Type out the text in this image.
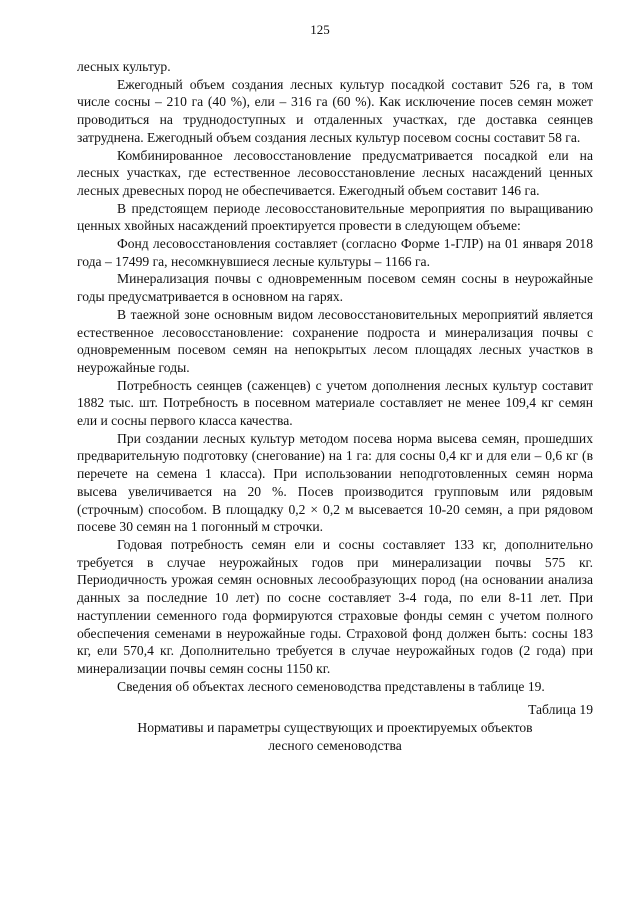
125

лесных культур.

Ежегодный объем создания лесных культур посадкой составит 526 га, в том числе сосны – 210 га (40 %), ели – 316 га (60 %). Как исключение посев семян может проводиться на труднодоступных и отдаленных участках, где доставка сеянцев затруднена. Ежегодный объем создания лесных культур посевом сосны составит 58 га.

Комбинированное лесовосстановление предусматривается посадкой ели на лесных участках, где естественное лесовосстановление лесных насаждений ценных лесных древесных пород не обеспечивается. Ежегодный объем составит 146 га.

В предстоящем периоде лесовосстановительные мероприятия по выращиванию ценных хвойных насаждений проектируется провести в следующем объеме:

Фонд лесовосстановления составляет (согласно Форме 1-ГЛР) на 01 января 2018 года – 17499 га, несомкнувшиеся лесные культуры – 1166 га.

Минерализация почвы с одновременным посевом семян сосны в неурожайные годы предусматривается в основном на гарях.

В таежной зоне основным видом лесовосстановительных мероприятий является естественное лесовосстановление: сохранение подроста и минерализация почвы с одновременным посевом семян на непокрытых лесом площадях лесных участков в неурожайные годы.

Потребность сеянцев (саженцев) с учетом дополнения лесных культур составит 1882 тыс. шт. Потребность в посевном материале составляет не менее 109,4 кг семян ели и сосны первого класса качества.

При создании лесных культур методом посева норма высева семян, прошедших предварительную подготовку (снегование) на 1 га: для сосны 0,4 кг и для ели – 0,6 кг (в перечете на семена 1 класса). При использовании неподготовленных семян норма высева увеличивается на 20 %. Посев производится групповым или рядовым (строчным) способом. В площадку 0,2 × 0,2 м высевается 10-20 семян, а при рядовом посеве 30 семян на 1 погонный м строчки.

Годовая потребность семян ели и сосны составляет 133 кг, дополнительно требуется в случае неурожайных годов при минерализации почвы 575 кг. Периодичность урожая семян основных лесообразующих пород (на основании анализа данных за последние 10 лет) по сосне составляет 3-4 года, по ели 8-11 лет. При наступлении семенного года формируются страховые фонды семян с учетом полного обеспечения семенами в неурожайные годы. Страховой фонд должен быть: сосны 183 кг, ели 570,4 кг. Дополнительно требуется в случае неурожайных годов (2 года) при минерализации почвы семян сосны 1150 кг.

Сведения об объектах лесного семеноводства представлены в таблице 19.

Таблица 19
Нормативы и параметры существующих и проектируемых объектов
лесного семеноводства
